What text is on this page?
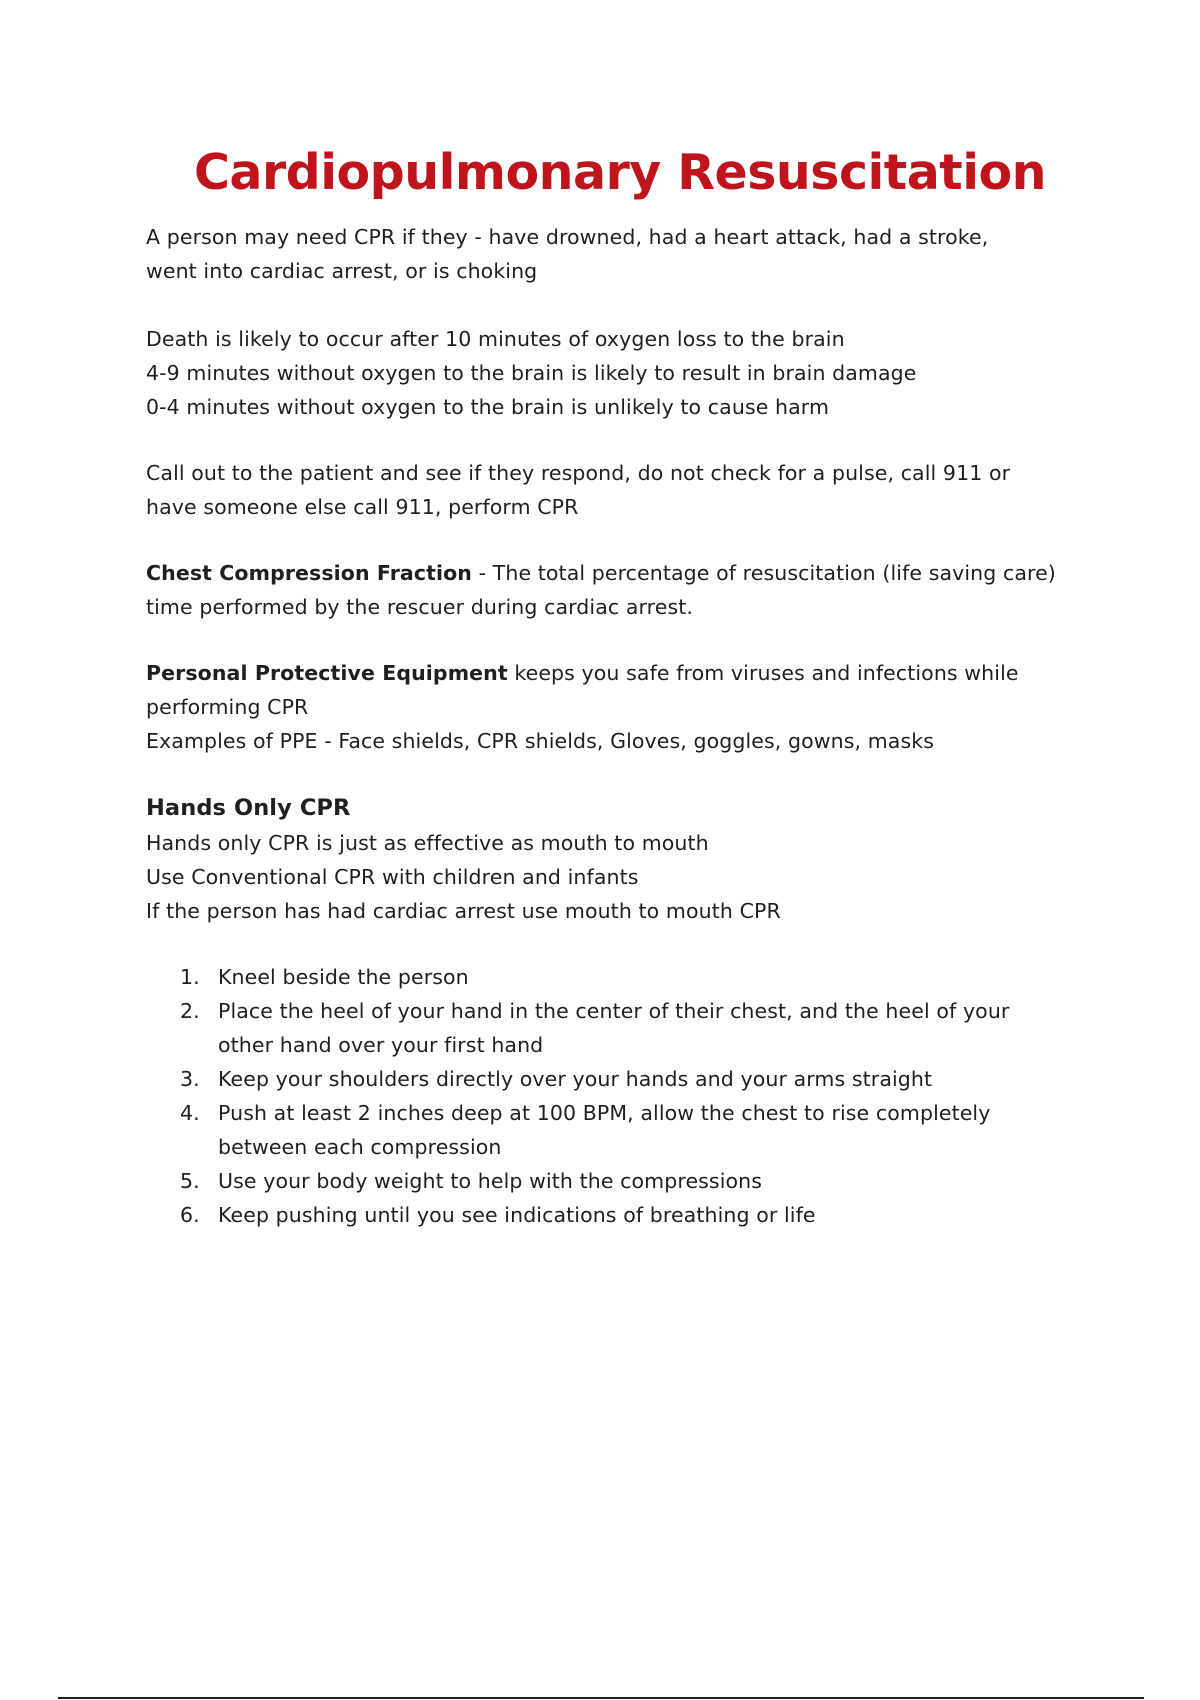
Cardiopulmonary Resuscitation

A person may need CPR if they - have drowned, had a heart attack, had a stroke,
went into cardiac arrest, or is choking

Death is likely to occur after 10 minutes of oxygen loss to the brain
4-9 minutes without oxygen to the brain is likely to result in brain damage
0-4 minutes without oxygen to the brain is unlikely to cause harm

Call out to the patient and see if they respond, do not check for a pulse, call 911 or
have someone else call 911, perform CPR

Chest Compression Fraction - The total percentage of resuscitation (life saving care)
time performed by the rescuer during cardiac arrest.

Personal Protective Equipment keeps you safe from viruses and infections while
performing CPR
Examples of PPE - Face shields, CPR shields, Gloves, goggles, gowns, masks

Hands Only CPR

Hands only CPR is just as effective as mouth to mouth
Use Conventional CPR with children and infants
If the person has had cardiac arrest use mouth to mouth CPR

1. Kneel beside the person
2. Place the heel of your hand in the center of their chest, and the heel of your
other hand over your first hand
3. Keep your shoulders directly over your hands and your arms straight
4. Push at least 2 inches deep at 100 BPM, allow the chest to rise completely
between each compression
5. Use your body weight to help with the compressions
6. Keep pushing until you see indications of breathing or life
